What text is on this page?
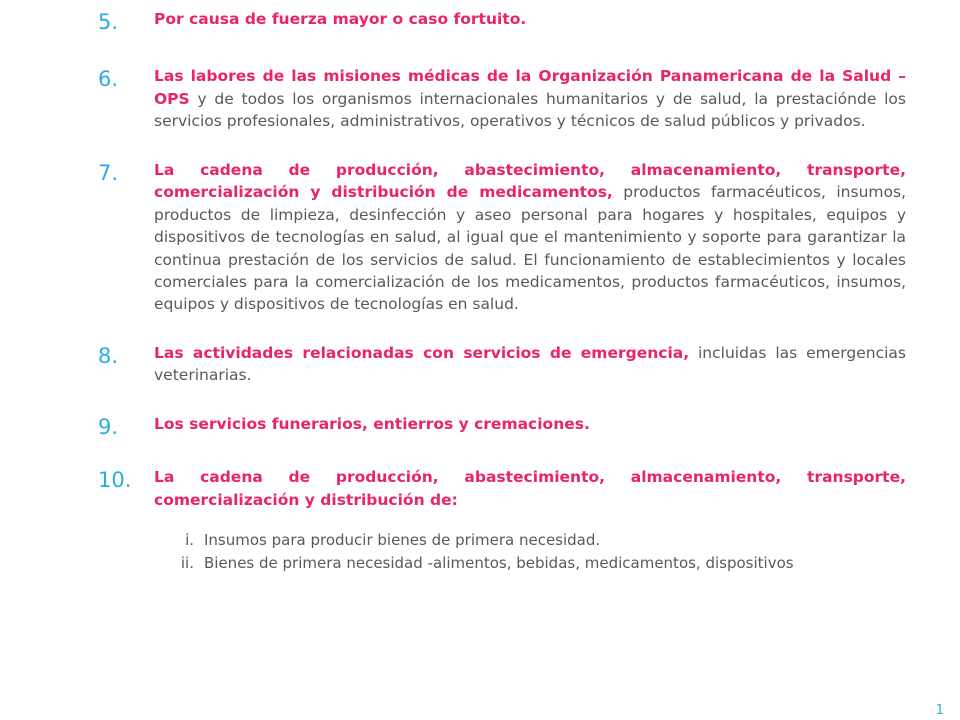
5.	Por causa de fuerza mayor o caso fortuito.
6.	Las labores de las misiones médicas de la Organización Panamericana de la Salud – OPS y de todos los organismos internacionales humanitarios y de salud, la prestaciónde los servicios profesionales, administrativos, operativos y técnicos de salud públicos y privados.
7.	La cadena de producción, abastecimiento, almacenamiento, transporte, comercialización y distribución de medicamentos, productos farmacéuticos, insumos, productos de limpieza, desinfección y aseo personal para hogares y hospitales, equipos y dispositivos de tecnologías en salud, al igual que el mantenimiento y soporte para garantizar la continua prestación de los servicios de salud. El funcionamiento de establecimientos y locales comerciales para la comercialización de los medicamentos, productos farmacéuticos, insumos, equipos y dispositivos de tecnologías en salud.
8.	Las actividades relacionadas con servicios de emergencia, incluidas las emergencias veterinarias.
9.	Los servicios funerarios, entierros y cremaciones.
10.	La cadena de producción, abastecimiento, almacenamiento, transporte, comercialización y distribución de:
i. Insumos para producir bienes de primera necesidad.
ii. Bienes de primera necesidad -alimentos, bebidas, medicamentos, dispositivos
1
